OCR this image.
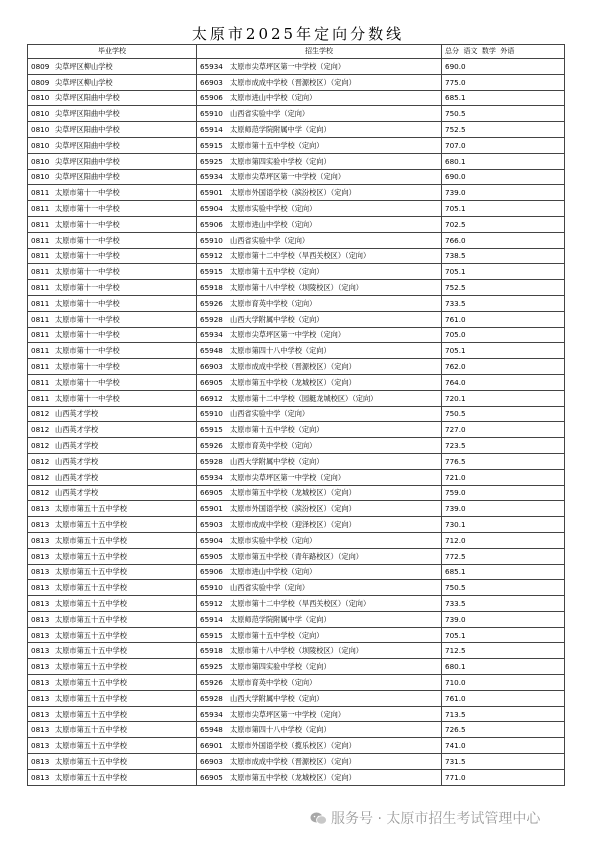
太原市2025年定向分数线
毕业学校	招生学校	总分  语文  数学  外语
0809 尖草坪区柳山学校	65934 太原市尖草坪区第一中学校（定向）	690.0
0809 尖草坪区柳山学校	66903 太原市成成中学校（晋源校区）（定向）	775.0
0810 尖草坪区阳曲中学校	65906 太原市进山中学校（定向）	685.1
0810 尖草坪区阳曲中学校	65910 山西省实验中学（定向）	750.5
0810 尖草坪区阳曲中学校	65914 太原师范学院附属中学（定向）	752.5
0810 尖草坪区阳曲中学校	65915 太原市第十五中学校（定向）	707.0
0810 尖草坪区阳曲中学校	65925 太原市第四实验中学校（定向）	680.1
0810 尖草坪区阳曲中学校	65934 太原市尖草坪区第一中学校（定向）	690.0
0811 太原市第十一中学校	65901 太原市外国语学校（滨汾校区）（定向）	739.0
0811 太原市第十一中学校	65904 太原市实验中学校（定向）	705.1
0811 太原市第十一中学校	65906 太原市进山中学校（定向）	702.5
0811 太原市第十一中学校	65910 山西省实验中学（定向）	766.0
0811 太原市第十一中学校	65912 太原市第十二中学校（旱西关校区）（定向）	738.5
0811 太原市第十一中学校	65915 太原市第十五中学校（定向）	705.1
0811 太原市第十一中学校	65918 太原市第十八中学校（坝陵校区）（定向）	752.5
0811 太原市第十一中学校	65926 太原市育英中学校（定向）	733.5
0811 太原市第十一中学校	65928 山西大学附属中学校（定向）	761.0
0811 太原市第十一中学校	65934 太原市尖草坪区第一中学校（定向）	705.0
0811 太原市第十一中学校	65948 太原市第四十八中学校（定向）	705.1
0811 太原市第十一中学校	66903 太原市成成中学校（晋源校区）（定向）	762.0
0811 太原市第十一中学校	66905 太原市第五中学校（龙城校区）（定向）	764.0
0811 太原市第十一中学校	66912 太原市第十二中学校（园艇龙城校区）（定向）	720.1
0812 山西英才学校	65910 山西省实验中学（定向）	750.5
0812 山西英才学校	65915 太原市第十五中学校（定向）	727.0
0812 山西英才学校	65926 太原市育英中学校（定向）	723.5
0812 山西英才学校	65928 山西大学附属中学校（定向）	776.5
0812 山西英才学校	65934 太原市尖草坪区第一中学校（定向）	721.0
0812 山西英才学校	66905 太原市第五中学校（龙城校区）（定向）	759.0
0813 太原市第五十五中学校	65901 太原市外国语学校（滨汾校区）（定向）	739.0
0813 太原市第五十五中学校	65903 太原市成成中学校（迎泽校区）（定向）	730.1
0813 太原市第五十五中学校	65904 太原市实验中学校（定向）	712.0
0813 太原市第五十五中学校	65905 太原市第五中学校（青年路校区）（定向）	772.5
0813 太原市第五十五中学校	65906 太原市进山中学校（定向）	685.1
0813 太原市第五十五中学校	65910 山西省实验中学（定向）	750.5
0813 太原市第五十五中学校	65912 太原市第十二中学校（旱西关校区）（定向）	733.5
0813 太原市第五十五中学校	65914 太原师范学院附属中学（定向）	739.0
0813 太原市第五十五中学校	65915 太原市第十五中学校（定向）	705.1
0813 太原市第五十五中学校	65918 太原市第十八中学校（坝陵校区）（定向）	712.5
0813 太原市第五十五中学校	65925 太原市第四实验中学校（定向）	680.1
0813 太原市第五十五中学校	65926 太原市育英中学校（定向）	710.0
0813 太原市第五十五中学校	65928 山西大学附属中学校（定向）	761.0
0813 太原市第五十五中学校	65934 太原市尖草坪区第一中学校（定向）	713.5
0813 太原市第五十五中学校	65948 太原市第四十八中学校（定向）	726.5
0813 太原市第五十五中学校	66901 太原市外国语学校（揽乐校区）（定向）	741.0
0813 太原市第五十五中学校	66903 太原市成成中学校（晋源校区）（定向）	731.5
0813 太原市第五十五中学校	66905 太原市第五中学校（龙城校区）（定向）	771.0
服务号 · 太原市招生考试管理中心
